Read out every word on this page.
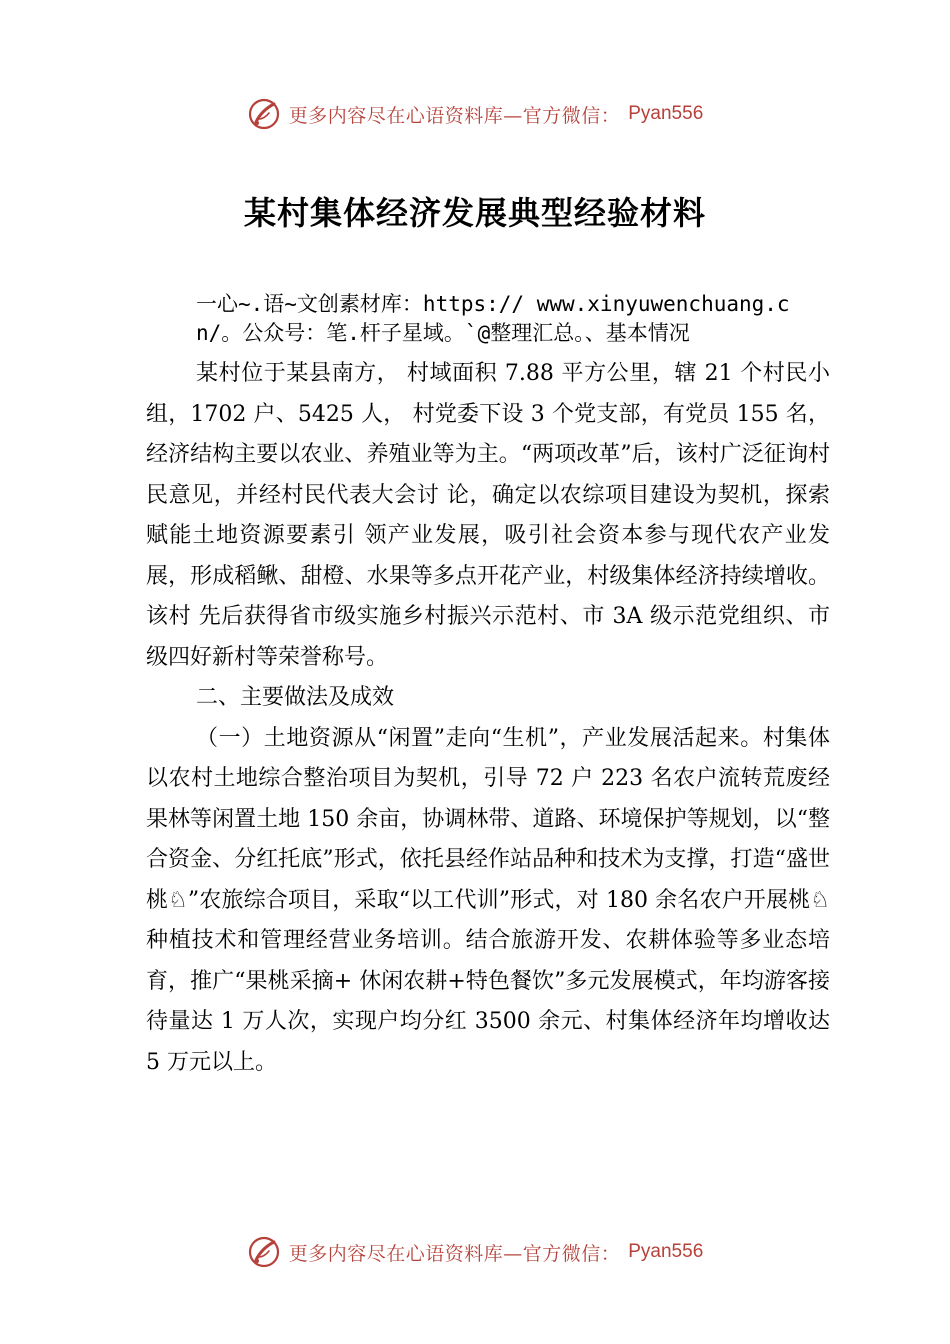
更多内容尽在心语资料库—官方微信： Pyan556
某村集体经济发展典型经验材料

一心~.语~文创素材库：https:// www.xinyuwenchuang.cn/。公众号：笔.杆子星域。`@整理汇总。、基本情况

某村位于某县南方， 村域面积 7.88 平方公里，辖 21 个村民小组，1702 户、5425 人， 村党委下设 3 个党支部，有党员 155 名，经济结构主要以农业、养殖业等为主。“两项改革”后，该村广泛征询村民意见，并经村民代表大会讨 论，确定以农综项目建设为契机，探索赋能土地资源要素引 领产业发展，吸引社会资本参与现代农产业发展，形成稻鳅、甜橙、水果等多点开花产业，村级集体经济持续增收。该村 先后获得省市级实施乡村振兴示范村、市 3A 级示范党组织、市级四好新村等荣誉称号。

二、主要做法及成效

（一）土地资源从“闲置”走向“生机”，产业发展活起来。村集体以农村土地综合整治项目为契机，引导 72 户 223 名农户流转荒废经果林等闲置土地 150 余亩，协调林带、道路、环境保护等规划，以“整合资金、分红托底”形式，依托县经作站品种和技术为支撑，打造“盛世桃♘”农旅综合项目，采取“以工代训”形式，对 180 余名农户开展桃♘种植技术和管理经营业务培训。结合旅游开发、农耕体验等多业态培育，推广“果桃采摘+ 休闲农耕+特色餐饮”多元发展模式，年均游客接待量达 1 万人次，实现户均分红 3500 余元、村集体经济年均增收达 5 万元以上。

更多内容尽在心语资料库—官方微信： Pyan556
